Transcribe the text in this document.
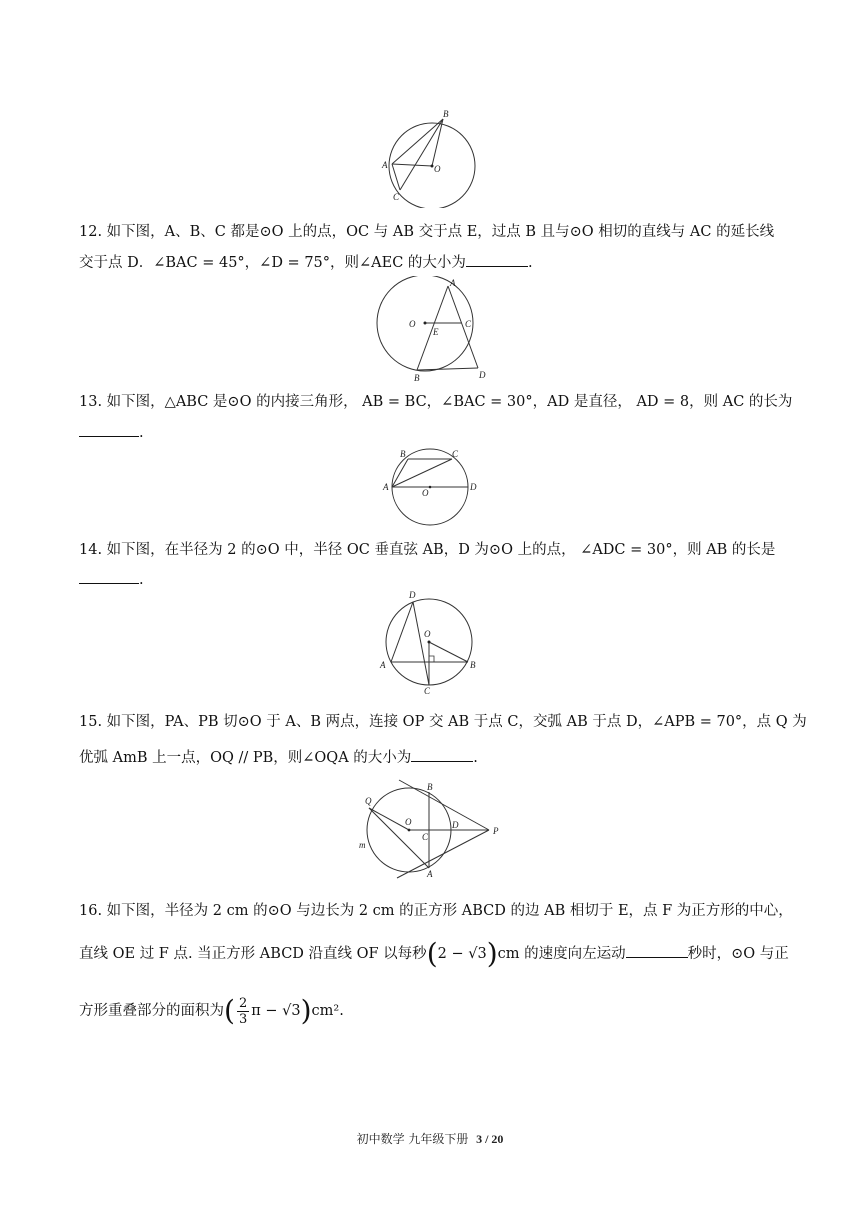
B
A	O
C
12. 如下图，A、B、C 都是⊙O 上的点，OC 与 AB 交于点 E，过点 B 且与⊙O 相切的直线与 AC 的延长线
交于点 D．∠BAC = 45°，∠D = 75°，则∠AEC 的大小为	.
A
O
E
C
B	D
13. 如下图，△ABC 是⊙O 的内接三角形， AB = BC，∠BAC = 30°，AD 是直径， AD = 8，则 AC 的长为
.
B	C
A
O
D
14. 如下图，在半径为 2 的⊙O 中，半径 OC 垂直弦 AB，D 为⊙O 上的点， ∠ADC = 30°，则 AB 的长是
.
D
O
A	B
C
15. 如下图，PA、PB 切⊙O 于 A、B 两点，连接 OP 交 AB 于点 C，交弧 AB 于点 D，∠APB = 70°，点 Q 为
优弧 AmB 上一点，OQ // PB，则∠OQA 的大小为	.
Q
B
O
C
D
P
m
A
16. 如下图，半径为 2 cm 的⊙O 与边长为 2 cm 的正方形 ABCD 的边 AB 相切于 E，点 F 为正方形的中心，
直线 OE 过 F 点. 当正方形 ABCD 沿直线 OF 以每秒(2 − √3)cm 的速度向左运动	秒时，⊙O 与正
方形重叠部分的面积为( $\frac{2}{3}$ π − √3)cm².
初中数学 九年级下册 3 / 20
